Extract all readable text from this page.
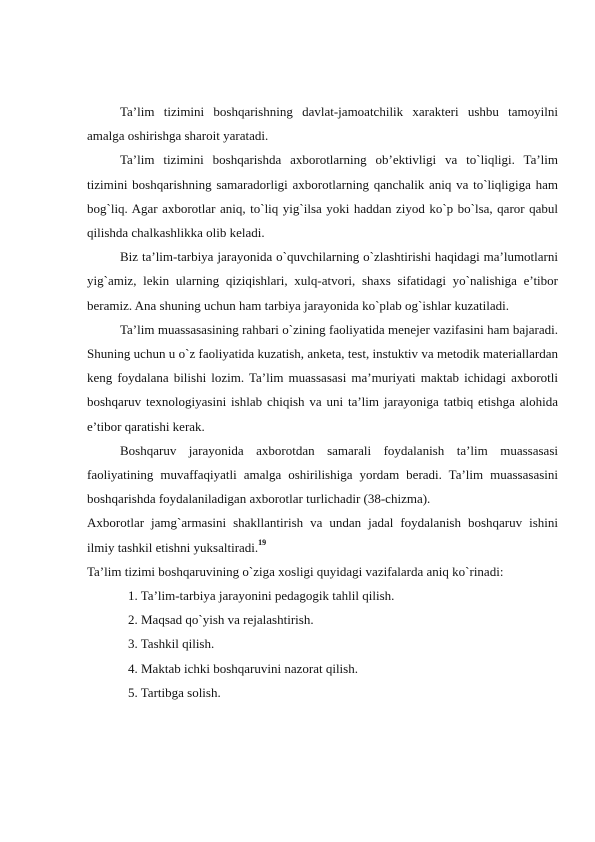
Ta’lim tizimini boshqarishning davlat-jamoatchilik xarakteri ushbu tamoyilni amalga oshirishga sharoit yaratadi.

Ta’lim tizimini boshqarishda axborotlarning ob’ektivligi va to`liqligi. Ta’lim tizimini boshqarishning samaradorligi axborotlarning qanchalik aniq va to`liqligiga ham bog`liq. Agar axborotlar aniq, to`liq yig`ilsa yoki haddan ziyod ko`p bo`lsa, qaror qabul qilishda chalkashlikka olib keladi.

Biz ta’lim-tarbiya jarayonida o`quvchilarning o`zlashtirishi haqidagi ma’lumotlarni yig`amiz, lekin ularning qiziqishlari, xulq-atvori, shaxs sifatidagi yo`nalishiga e’tibor beramiz. Ana shuning uchun ham tarbiya jarayonida ko`plab og`ishlar kuzatiladi.

Ta’lim muassasasining rahbari o`zining faoliyatida menejer vazifasini ham bajaradi. Shuning uchun u o`z faoliyatida kuzatish, anketa, test, instuktiv va metodik materiallardan keng foydalana bilishi lozim. Ta’lim muassasasi ma’muriyati maktab ichidagi axborotli boshqaruv texnologiyasini ishlab chiqish va uni ta’lim jarayoniga tatbiq etishga alohida e’tibor qaratishi kerak.

Boshqaruv jarayonida axborotdan samarali foydalanish ta’lim muassasasi faoliyatining muvaffaqiyatli amalga oshirilishiga yordam beradi. Ta’lim muassasasini boshqarishda foydalaniladigan axborotlar turlichadir (38-chizma).

Axborotlar jamg`armasini shakllantirish va undan jadal foydalanish boshqaruv ishini ilmiy tashkil etishni yuksaltiradi.$^{19}$

Ta’lim tizimi boshqaruvining o`ziga xosligi quyidagi vazifalarda aniq ko`rinadi:

1. Ta’lim-tarbiya jarayonini pedagogik tahlil qilish.
2. Maqsad qo`yish va rejalashtirish.
3. Tashkil qilish.
4. Maktab ichki boshqaruvini nazorat qilish.
5. Tartibga solish.
